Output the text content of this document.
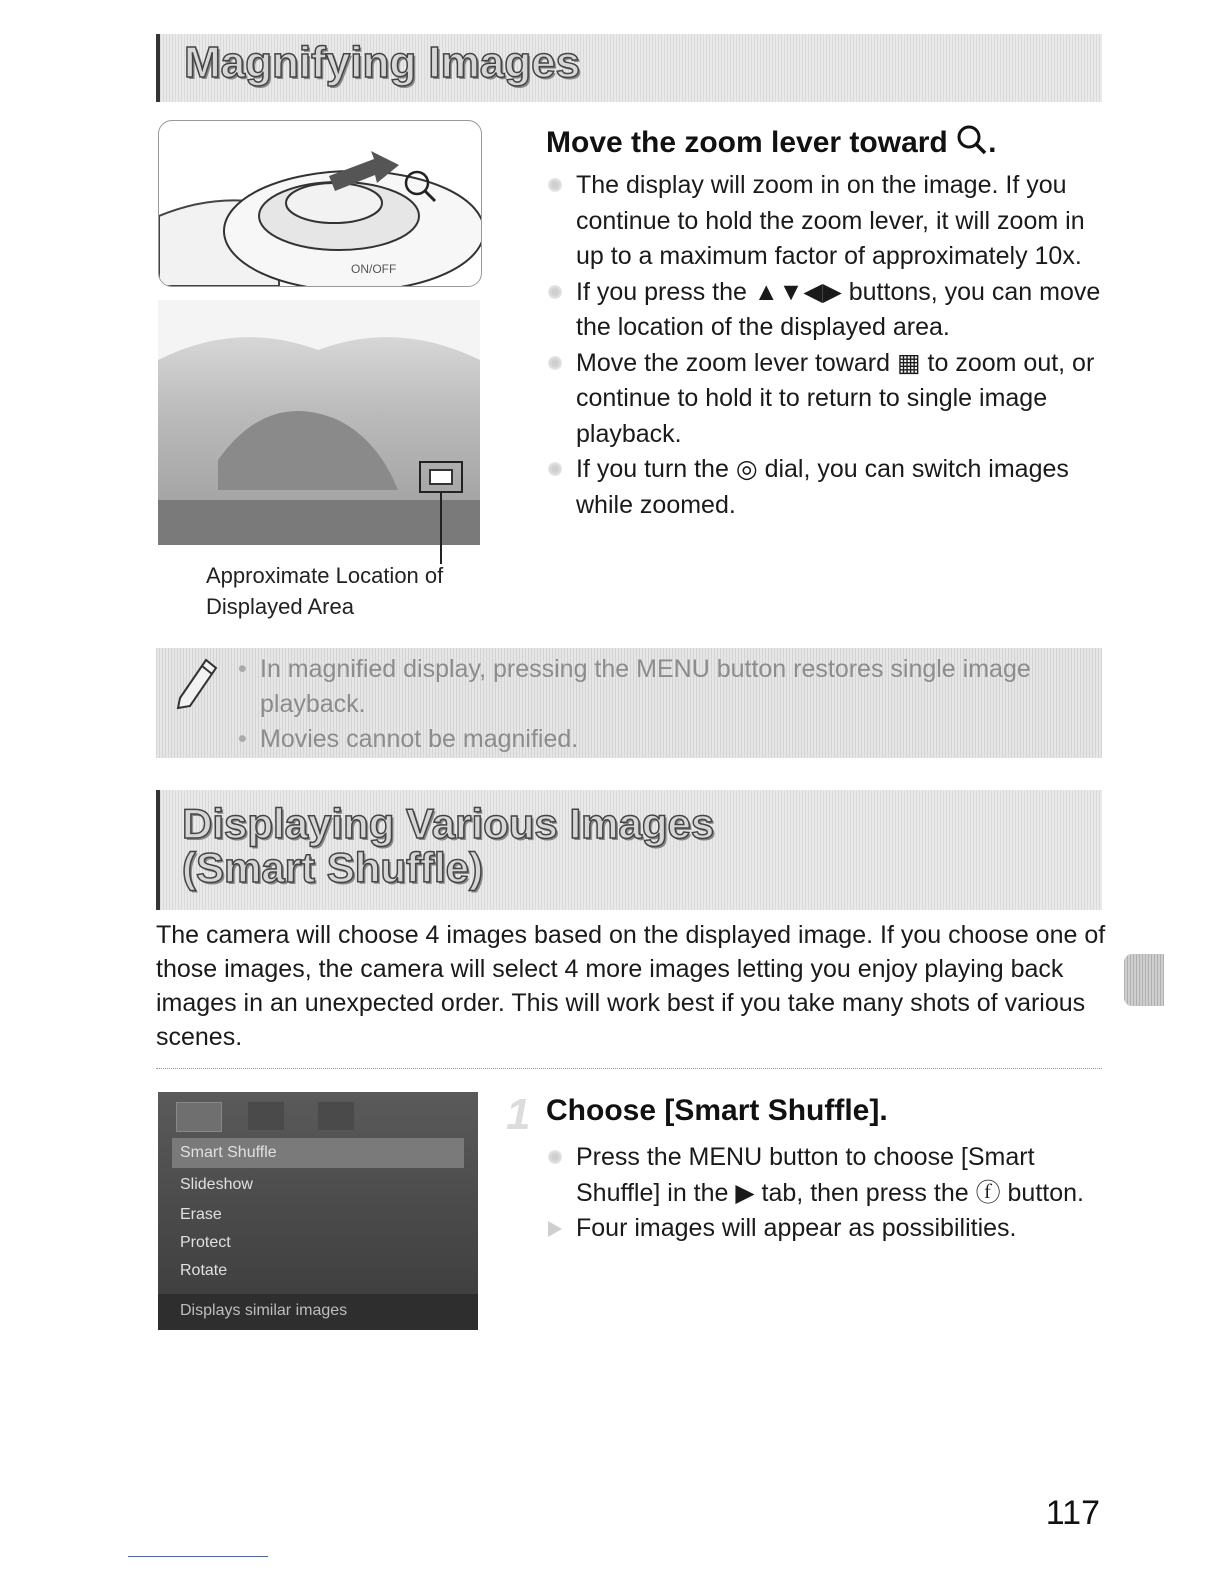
Magnifying Images
ON/OFF
Approximate Location of Displayed Area
Move the zoom lever toward .
The display will zoom in on the image. If you continue to hold the zoom lever, it will zoom in up to a maximum factor of approximately 10x.
If you press the ▲▼◀▶ buttons, you can move the location of the displayed area.
Move the zoom lever toward ▦ to zoom out, or continue to hold it to return to single image playback.
If you turn the ◎ dial, you can switch images while zoomed.
• In magnified display, pressing the MENU button restores single image playback.
• Movies cannot be magnified.
Displaying Various Images
(Smart Shuffle)
The camera will choose 4 images based on the displayed image. If you choose one of those images, the camera will select 4 more images letting you enjoy playing back images in an unexpected order. This will work best if you take many shots of various scenes.
Smart Shuffle
Slideshow
Erase
Protect
Rotate
Displays similar images
1 Choose [Smart Shuffle].
Press the MENU button to choose [Smart Shuffle] in the ▶ tab, then press the ⓕ button.
Four images will appear as possibilities.
117
